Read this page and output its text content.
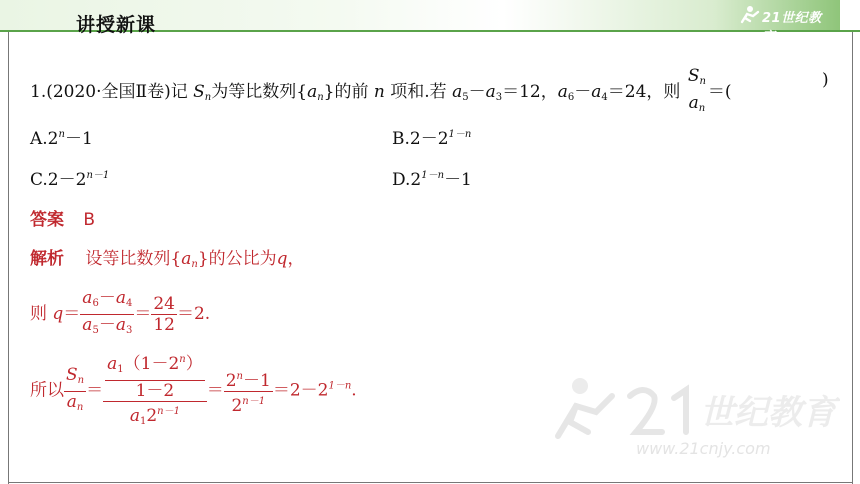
讲授新课	21世纪教育
1.(2020·全国Ⅱ卷)记 $S_n$为等比数列$\{a_n\}$的前 n 项和.若 $a_5-a_3=12$，$a_6-a_4=24$，则
$S_n$
$a_n$
＝(
)
$A.2^n-1$	$B.2-2^{1-n}$
$C.2-2^{n-1}$	$D.2^{1-n}-1$
答案 B
解析 设等比数列$\{a_n\}$的公比为q，
则 $q= \frac{a_6-a_4}{a_5-a_3} = \frac{24}{12} =2$.
所以 $\frac{S_n}{a_n} = \frac{\frac{a_1(1-2^n)}{1-2}}{a_12^{n-1}} = \frac{2^n-1}{2^{n-1}} =2-2^{1-n}$.
世纪教育
www.21cnjy.com
